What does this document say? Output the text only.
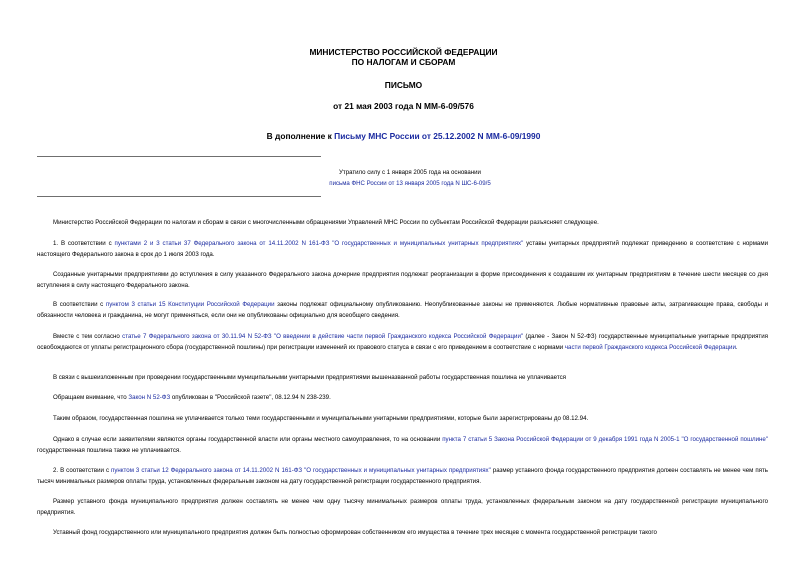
МИНИСТЕРСТВО РОССИЙСКОЙ ФЕДЕРАЦИИ
ПО НАЛОГАМ И СБОРАМ
ПИСЬМО
от 21 мая 2003 года N ММ-6-09/576
В дополнение к Письму МНС России от 25.12.2002 N ММ-6-09/1990
Утратило силу с 1 января 2005 года на основании
письма ФНС России от 13 января 2005 года N ШС-6-09/5
Министерство Российской Федерации по налогам и сборам в связи с многочисленными обращениями Управлений МНС России по субъектам Российской Федерации разъясняет следующее.
1. В соответствии с пунктами 2 и 3 статьи 37 Федерального закона от 14.11.2002 N 161-ФЗ "О государственных и муниципальных унитарных предприятиях" уставы унитарных предприятий подлежат приведению в соответствие с нормами настоящего Федерального закона в срок до 1 июля 2003 года.
Созданные унитарными предприятиями до вступления в силу указанного Федерального закона дочерние предприятия подлежат реорганизации в форме присоединения к создавшим их унитарным предприятиям в течение шести месяцев со дня вступления в силу настоящего Федерального закона.
В соответствии с пунктом 3 статьи 15 Конституции Российской Федерации законы подлежат официальному опубликованию. Неопубликованные законы не применяются. Любые нормативные правовые акты, затрагивающие права, свободы и обязанности человека и гражданина, не могут применяться, если они не опубликованы официально для всеобщего сведения.
Вместе с тем согласно статье 7 Федерального закона от 30.11.94 N 52-ФЗ "О введении в действие части первой Гражданского кодекса Российской Федерации" (далее - Закон N 52-ФЗ) государственные муниципальные унитарные предприятия освобождаются от уплаты регистрационного сбора (государственной пошлины) при регистрации изменений их правового статуса в связи с его приведением в соответствие с нормами части первой Гражданского кодекса Российской Федерации.
В связи с вышеизложенным при проведении государственными муниципальными унитарными предприятиями вышеназванной работы государственная пошлина не уплачивается
Обращаем внимание, что Закон N 52-ФЗ опубликован в "Российской газете", 08.12.94 N 238-239.
Таким образом, государственная пошлина не уплачивается только теми государственными и муниципальными унитарными предприятиями, которые были зарегистрированы до 08.12.94.
Однако в случае если заявителями являются органы государственной власти или органы местного самоуправления, то на основании пункта 7 статьи 5 Закона Российской Федерации от 9 декабря 1991 года N 2005-1 "О государственной пошлине" государственная пошлина также не уплачивается.
2. В соответствии с пунктом 3 статьи 12 Федерального закона от 14.11.2002 N 161-ФЗ "О государственных и муниципальных унитарных предприятиях" размер уставного фонда государственного предприятия должен составлять не менее чем пять тысяч минимальных размеров оплаты труда, установленных федеральным законом на дату государственной регистрации государственного предприятия.
Размер уставного фонда муниципального предприятия должен составлять не менее чем одну тысячу минимальных размеров оплаты труда, установленных федеральным законом на дату государственной регистрации муниципального предприятия.
Уставный фонд государственного или муниципального предприятия должен быть полностью сформирован собственником его имущества в течение трех месяцев с момента государственной регистрации такого
